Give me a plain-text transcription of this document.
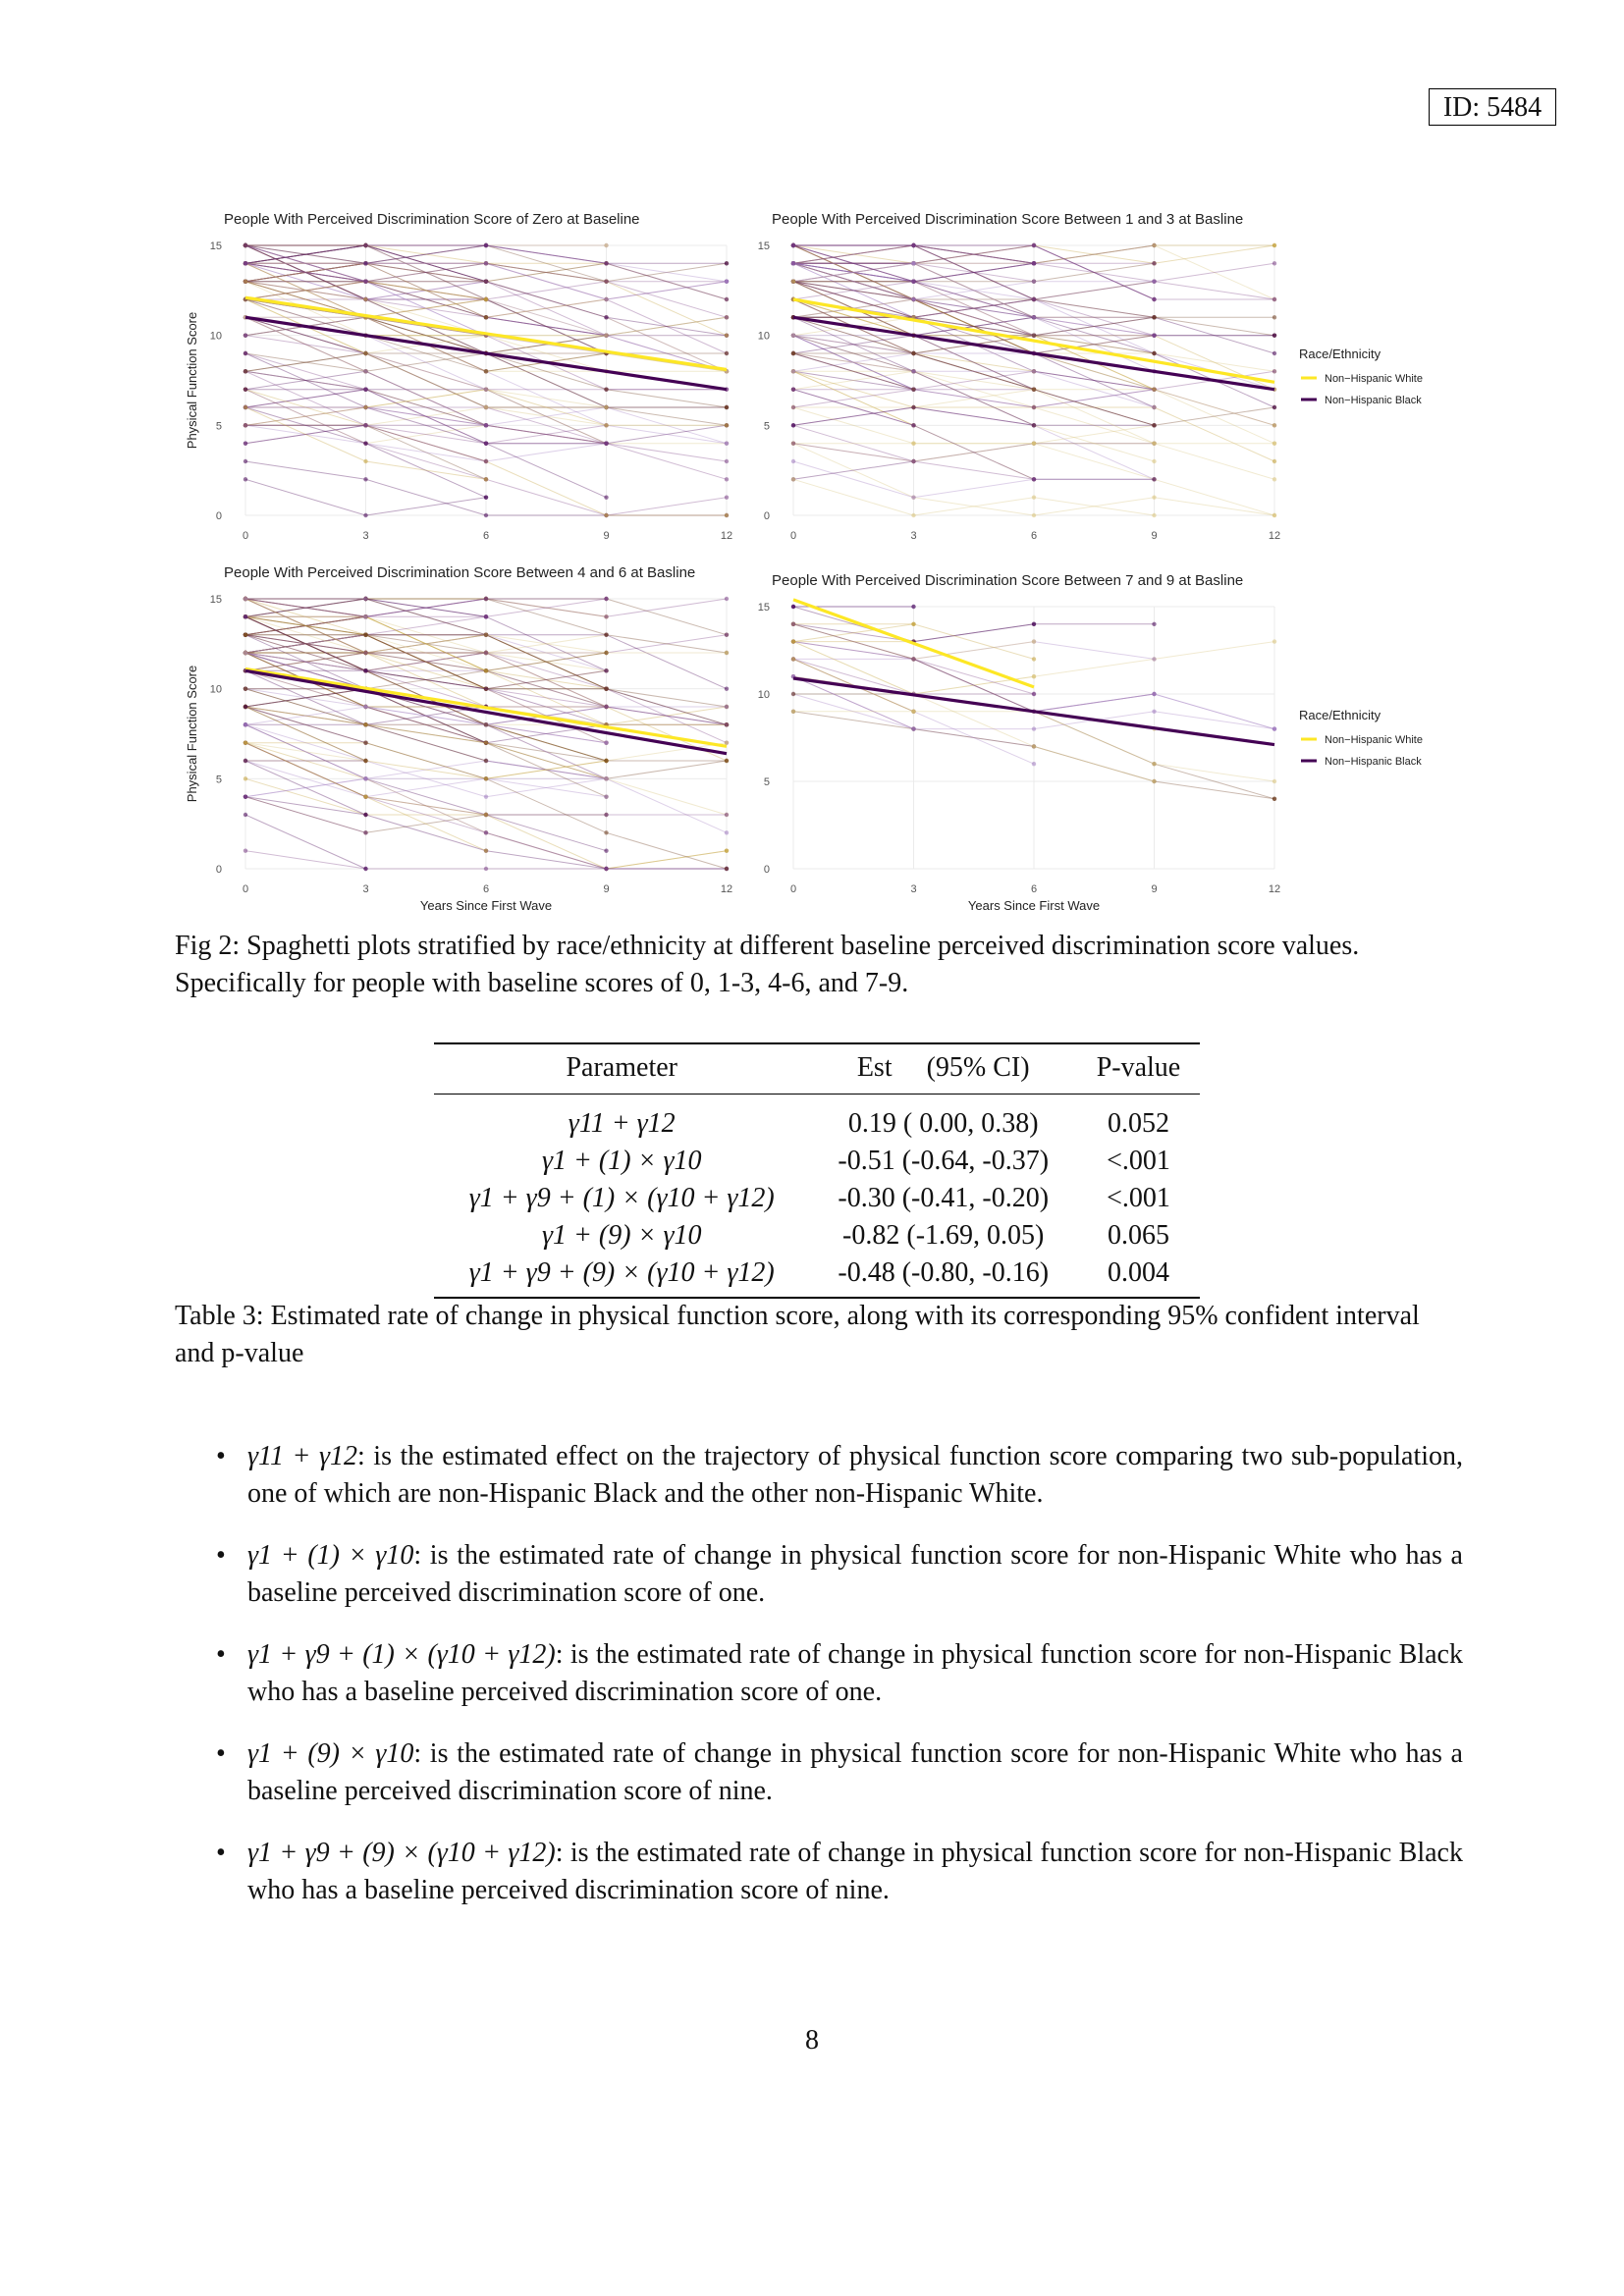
ID: 5484
0	3	6	9	12
0
5
10
15
People With Perceived Discrimination Score of Zero at Baseline
Physical Function Score
0	3	6	9	12
0
5
10
15
People With Perceived Discrimination Score Between 1 and 3 at Basline
Race/Ethnicity
Non−Hispanic White
Non−Hispanic Black
0	3	6	9	12
0
5
10
15
People With Perceived Discrimination Score Between 4 and 6 at Basline
Years Since First Wave
Physical Function Score
0	3	6	9	12
0
5
10
15
People With Perceived Discrimination Score Between 7 and 9 at Basline
Years Since First Wave
Race/Ethnicity
Non−Hispanic White
Non−Hispanic Black
Fig 2: Spaghetti plots stratified by race/ethnicity at different baseline perceived discrimination score values. Specifically for people with baseline scores of 0, 1-3, 4-6, and 7-9.
Parameter	Est     (95% CI)	P-value
γ11 + γ12	0.19 ( 0.00, 0.38)	0.052
γ1 + (1) × γ10	-0.51 (-0.64, -0.37)	<.001
γ1 + γ9 + (1) × (γ10 + γ12)	-0.30 (-0.41, -0.20)	<.001
γ1 + (9) × γ10	-0.82 (-1.69, 0.05)	0.065
γ1 + γ9 + (9) × (γ10 + γ12)	-0.48 (-0.80, -0.16)	0.004
Table 3: Estimated rate of change in physical function score, along with its corresponding 95% confident interval and p-value
• γ11 + γ12: is the estimated effect on the trajectory of physical function score comparing two sub-population, one of which are non-Hispanic Black and the other non-Hispanic White.
• γ1 + (1) × γ10: is the estimated rate of change in physical function score for non-Hispanic White who has a baseline perceived discrimination score of one.
• γ1 + γ9 + (1) × (γ10 + γ12): is the estimated rate of change in physical function score for non-Hispanic Black who has a baseline perceived discrimination score of one.
• γ1 + (9) × γ10: is the estimated rate of change in physical function score for non-Hispanic White who has a baseline perceived discrimination score of nine.
• γ1 + γ9 + (9) × (γ10 + γ12): is the estimated rate of change in physical function score for non-Hispanic Black who has a baseline perceived discrimination score of nine.
8
